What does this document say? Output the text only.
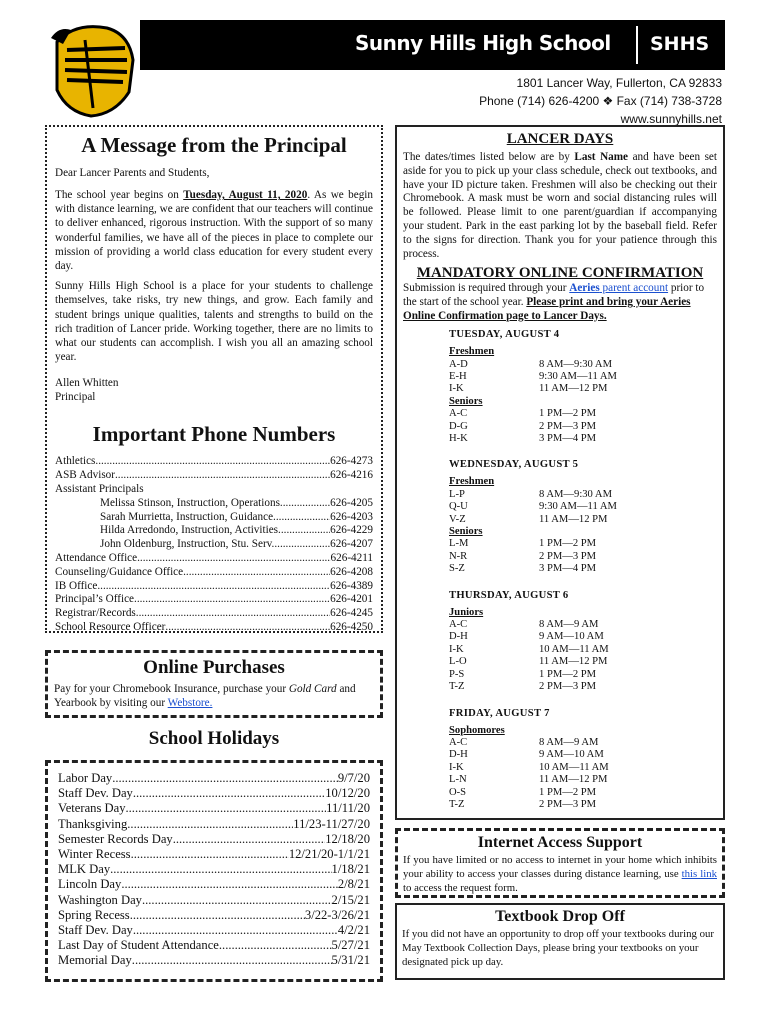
Sunny Hills High School SHHS
1801 Lancer Way, Fullerton, CA 92833
Phone (714) 626-4200 ❖ Fax (714) 738-3728
www.sunnyhills.net
A Message from the Principal

Dear Lancer Parents and Students,

The school year begins on Tuesday, August 11, 2020. As we begin with distance learning, we are confident that our teachers will continue to deliver enhanced, rigorous instruction. With the support of so many wonderful families, we have all of the pieces in place to complete our mission of providing a world class education for every student every day.

Sunny Hills High School is a place for your students to challenge themselves, take risks, try new things, and grow. Each family and student brings unique qualities, talents and strengths to build on the rich tradition of Lancer pride. Working together, there are no limits to what our students can accomplish. I wish you all an amazing school year.

Allen Whitten
Principal
Important Phone Numbers
Athletics .....	626-4273
ASB Advisor .....	626-4216
Assistant Principals
Melissa Stinson, Instruction, Operations .....	626-4205
Sarah Murrietta, Instruction, Guidance .....	626-4203
Hilda Arredondo, Instruction, Activities .....	626-4229
John Oldenburg, Instruction, Stu. Serv. .....	626-4207
Attendance Office .....	626-4211
Counseling/Guidance Office .....	626-4208
IB Office .....	626-4389
Principal’s Office .....	626-4201
Registrar/Records .....	626-4245
School Resource Officer .....	626-4250
Online Purchases

Pay for your Chromebook Insurance, purchase your Gold Card and Yearbook by visiting our Webstore.

School Holidays
Labor Day .....	9/7/20
Staff Dev. Day .....	10/12/20
Veterans Day .....	11/11/20
Thanksgiving .....	11/23-11/27/20
Semester Records Day .....	12/18/20
Winter Recess .....	12/21/20-1/1/21
MLK Day .....	1/18/21
Lincoln Day .....	2/8/21
Washington Day .....	2/15/21
Spring Recess .....	3/22-3/26/21
Staff Dev. Day .....	4/2/21
Last Day of Student Attendance .....	5/27/21
Memorial Day .....	5/31/21
LANCER DAYS

The dates/times listed below are by Last Name and have been set aside for you to pick up your class schedule, check out textbooks, and have your ID picture taken. Freshmen will also be checking out their Chromebook. A mask must be worn and social distancing rules will be followed. Please limit to one parent/guardian if accompanying your student. Park in the east parking lot by the baseball field. Refer to the signs for direction. Thank you for your patience through this process.

MANDATORY ONLINE CONFIRMATION

Submission is required through your Aeries parent account prior to the start of the school year. Please print and bring your Aeries Online Confirmation page to Lancer Days.

TUESDAY, AUGUST 4
Freshmen
A-D	8 AM—9:30 AM
E-H	9:30 AM—11 AM
I-K	11 AM—12 PM
Seniors
A-C	1 PM—2 PM
D-G	2 PM—3 PM
H-K	3 PM—4 PM
WEDNESDAY, AUGUST 5
Freshmen
L-P	8 AM—9:30 AM
Q-U	9:30 AM—11 AM
V-Z	11 AM—12 PM
Seniors
L-M	1 PM—2 PM
N-R	2 PM—3 PM
S-Z	3 PM—4 PM
THURSDAY, AUGUST 6
Juniors
A-C	8 AM—9 AM
D-H	9 AM—10 AM
I-K	10 AM—11 AM
L-O	11 AM—12 PM
P-S	1 PM—2 PM
T-Z	2 PM—3 PM
FRIDAY, AUGUST 7
Sophomores
A-C	8 AM—9 AM
D-H	9 AM—10 AM
I-K	10 AM—11 AM
L-N	11 AM—12 PM
O-S	1 PM—2 PM
T-Z	2 PM—3 PM
Internet Access Support

If you have limited or no access to internet in your home which inhibits your ability to access your classes during distance learning, use this link to access the request form.

Textbook Drop Off

If you did not have an opportunity to drop off your textbooks during our May Textbook Collection Days, please bring your textbooks on your designated pick up day.
